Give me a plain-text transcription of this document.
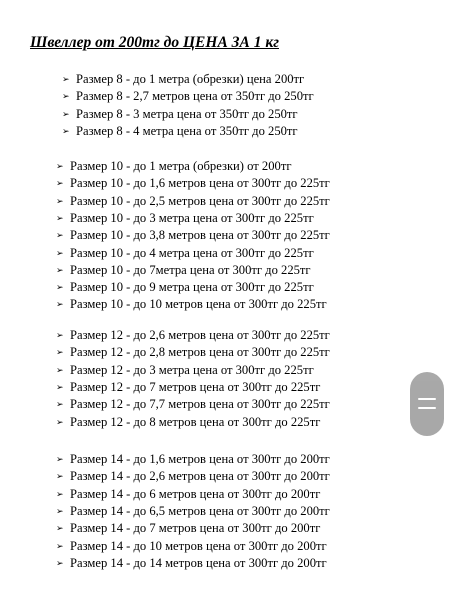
Швеллер от 200тг до ЦЕНА ЗА 1 кг
➢ Размер 8 - до 1 метра (обрезки) цена 200тг
➢ Размер 8 - 2,7 метров цена от 350тг до 250тг
➢ Размер 8 - 3 метра цена от 350тг до 250тг
➢ Размер 8 - 4 метра цена от 350тг до 250тг
➢ Размер 10 - до 1 метра (обрезки) от 200тг
➢ Размер 10 - до 1,6 метров цена от 300тг до 225тг
➢ Размер 10 - до 2,5 метров цена от 300тг до 225тг
➢ Размер 10 - до 3 метра цена от 300тг до 225тг
➢ Размер 10 - до 3,8 метров цена от 300тг до 225тг
➢ Размер 10 - до 4 метра цена от 300тг до 225тг
➢ Размер 10 - до 7метра цена от 300тг до 225тг
➢ Размер 10 - до 9 метра цена от 300тг до 225тг
➢ Размер 10 - до 10 метров цена от 300тг до 225тг
➢ Размер 12 - до 2,6 метров цена от 300тг до 225тг
➢ Размер 12 - до 2,8 метров цена от 300тг до 225тг
➢ Размер 12 - до 3 метра цена от 300тг до 225тг
➢ Размер 12 - до 7 метров цена от 300тг до 225тг
➢ Размер 12 - до 7,7 метров цена от 300тг до 225тг
➢ Размер 12 - до 8 метров цена от 300тг до 225тг
➢ Размер 14 - до 1,6 метров цена от 300тг до 200тг
➢ Размер 14 - до 2,6 метров цена от 300тг до 200тг
➢ Размер 14 - до 6 метров цена от 300тг до 200тг
➢ Размер 14 - до 6,5 метров цена от 300тг до 200тг
➢ Размер 14 - до 7 метров цена от 300тг до 200тг
➢ Размер 14 - до 10 метров цена от 300тг до 200тг
➢ Размер 14 - до 14 метров цена от 300тг до 200тг
